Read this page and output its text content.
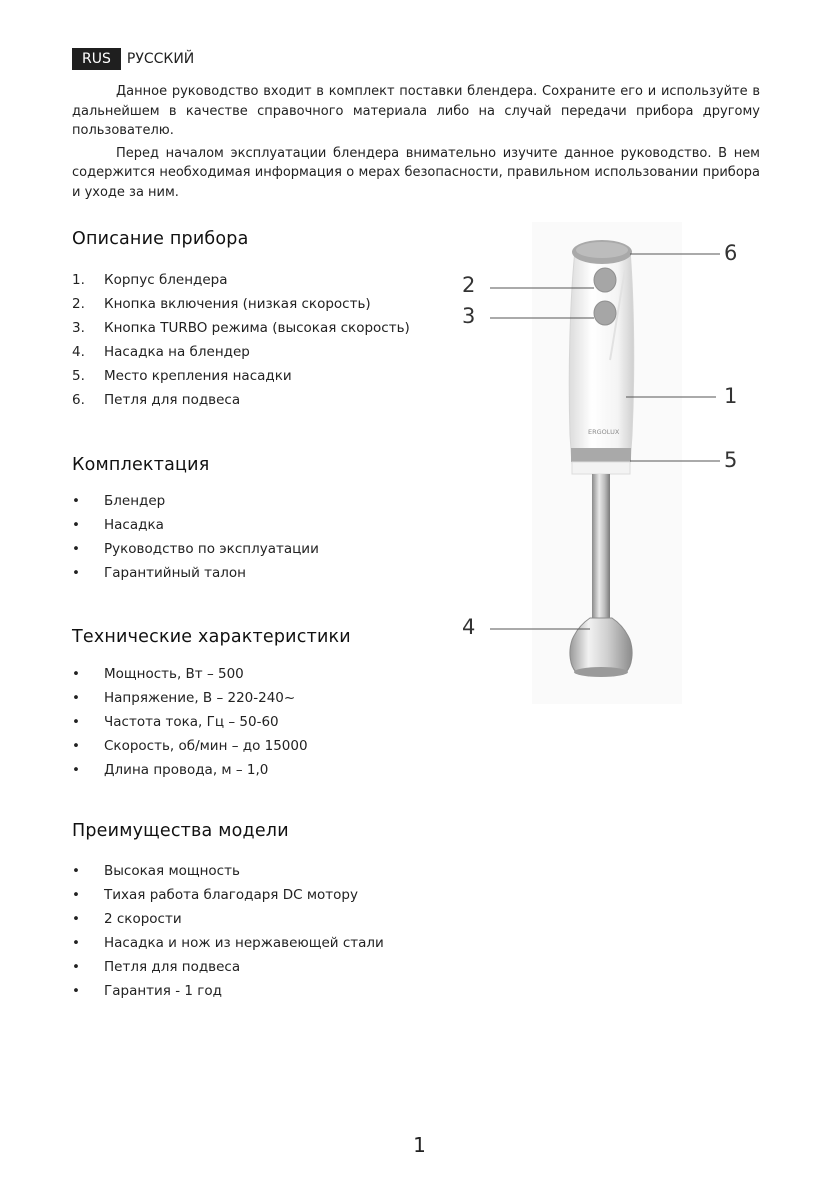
RUS	РУССКИЙ

Данное руководство входит в комплект поставки блендера. Сохраните его и используйте в дальнейшем в качестве справочного материала либо на случай передачи прибора другому пользователю.

Перед началом эксплуатации блендера внимательно изучите данное руководство. В нем содержится необходимая информация о мерах безопасности, правильном использовании прибора и уходе за ним.

Описание прибора
1.	Корпус блендера
2.	Кнопка включения (низкая скорость)
3.	Кнопка TURBO режима (высокая скорость)
4.	Насадка на блендер
5.	Место крепления насадки
6.	Петля для подвеса
Комплектация
•	Блендер
•	Насадка
•	Руководство по эксплуатации
•	Гарантийный талон
Технические характеристики
•	Мощность, Вт – 500
•	Напряжение, В – 220-240~
•	Частота тока, Гц – 50-60
•	Скорость, об/мин – до 15000
•	Длина провода, м – 1,0
Преимущества модели
•	Высокая мощность
•	Тихая работа благодаря DC мотору
•	2 скорости
•	Насадка и нож из нержавеющей стали
•	Петля для подвеса
•	Гарантия - 1 год
ERGOLUX
6
2
3
1
5
4
1
